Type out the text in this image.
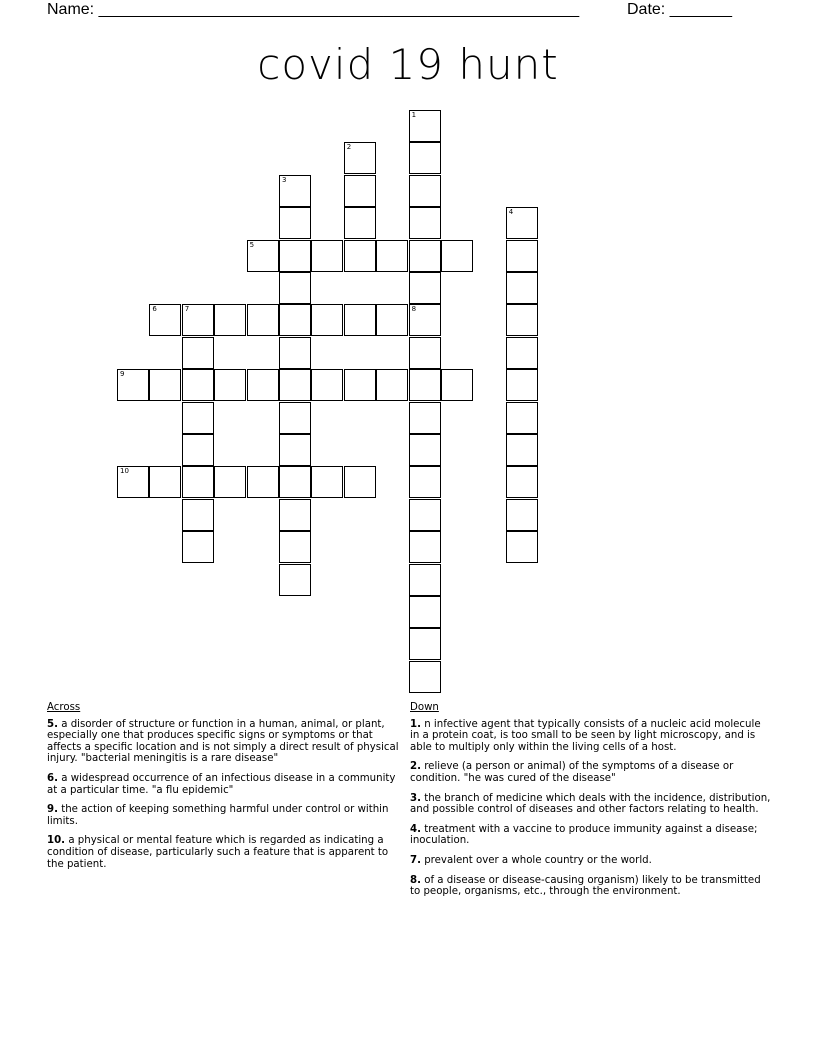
Name: ______________________________________________________	Date: _______
covid 19 hunt
1
8
2
3
4
5
6	7
9
10
Across
5. a disorder of structure or function in a human, animal, or plant, especially one that produces specific signs or symptoms or that affects a specific location and is not simply a direct result of physical injury. "bacterial meningitis is a rare disease"
6. a widespread occurrence of an infectious disease in a community at a particular time. "a flu epidemic"
9. the action of keeping something harmful under control or within limits.
10. a physical or mental feature which is regarded as indicating a condition of disease, particularly such a feature that is apparent to the patient.
Down
1. n infective agent that typically consists of a nucleic acid molecule in a protein coat, is too small to be seen by light microscopy, and is able to multiply only within the living cells of a host.
2. relieve (a person or animal) of the symptoms of a disease or condition. "he was cured of the disease"
3. the branch of medicine which deals with the incidence, distribution, and possible control of diseases and other factors relating to health.
4. treatment with a vaccine to produce immunity against a disease; inoculation.
7. prevalent over a whole country or the world.
8. of a disease or disease-causing organism) likely to be transmitted to people, organisms, etc., through the environment.
